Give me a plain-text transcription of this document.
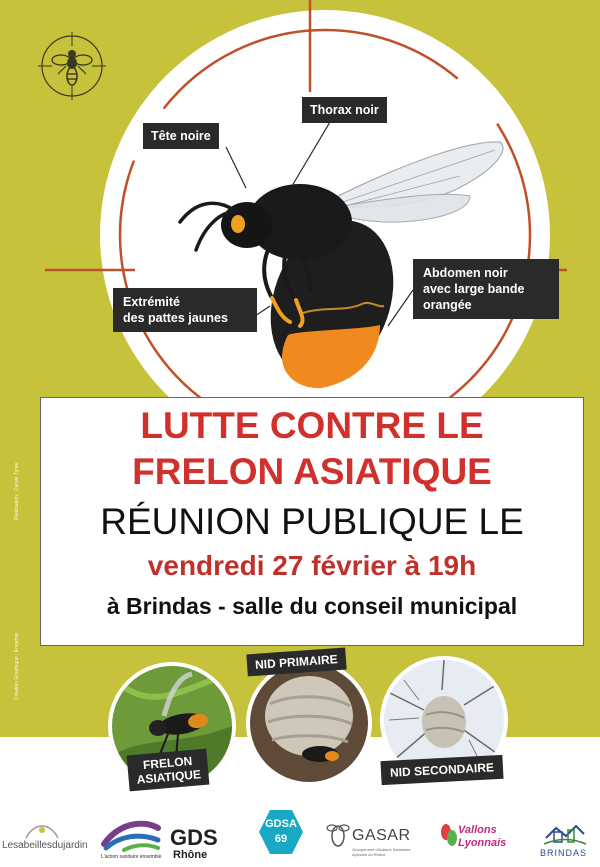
Tête noire
Thorax noir
Abdomen noir
avec large bande
orangée
Extrémité
des pattes jaunes
Réalisation : Carole Tyree
Création Graphique : Ennemix
LUTTE CONTRE LE
FRELON ASIATIQUE
RÉUNION PUBLIQUE LE
vendredi 27 février à 19h
à Brindas - salle du conseil municipal
FRELON
ASIATIQUE
NID PRIMAIRE
NID SECONDAIRE
Lesabeillesdujardin	GDS
Rhône
L'action sanitaire ensemble
GDSA
69	GASAR
Groupement d'Actions Sanitaires Apicoles du Rhône
Vallons
Lyonnais
BRINDAS
